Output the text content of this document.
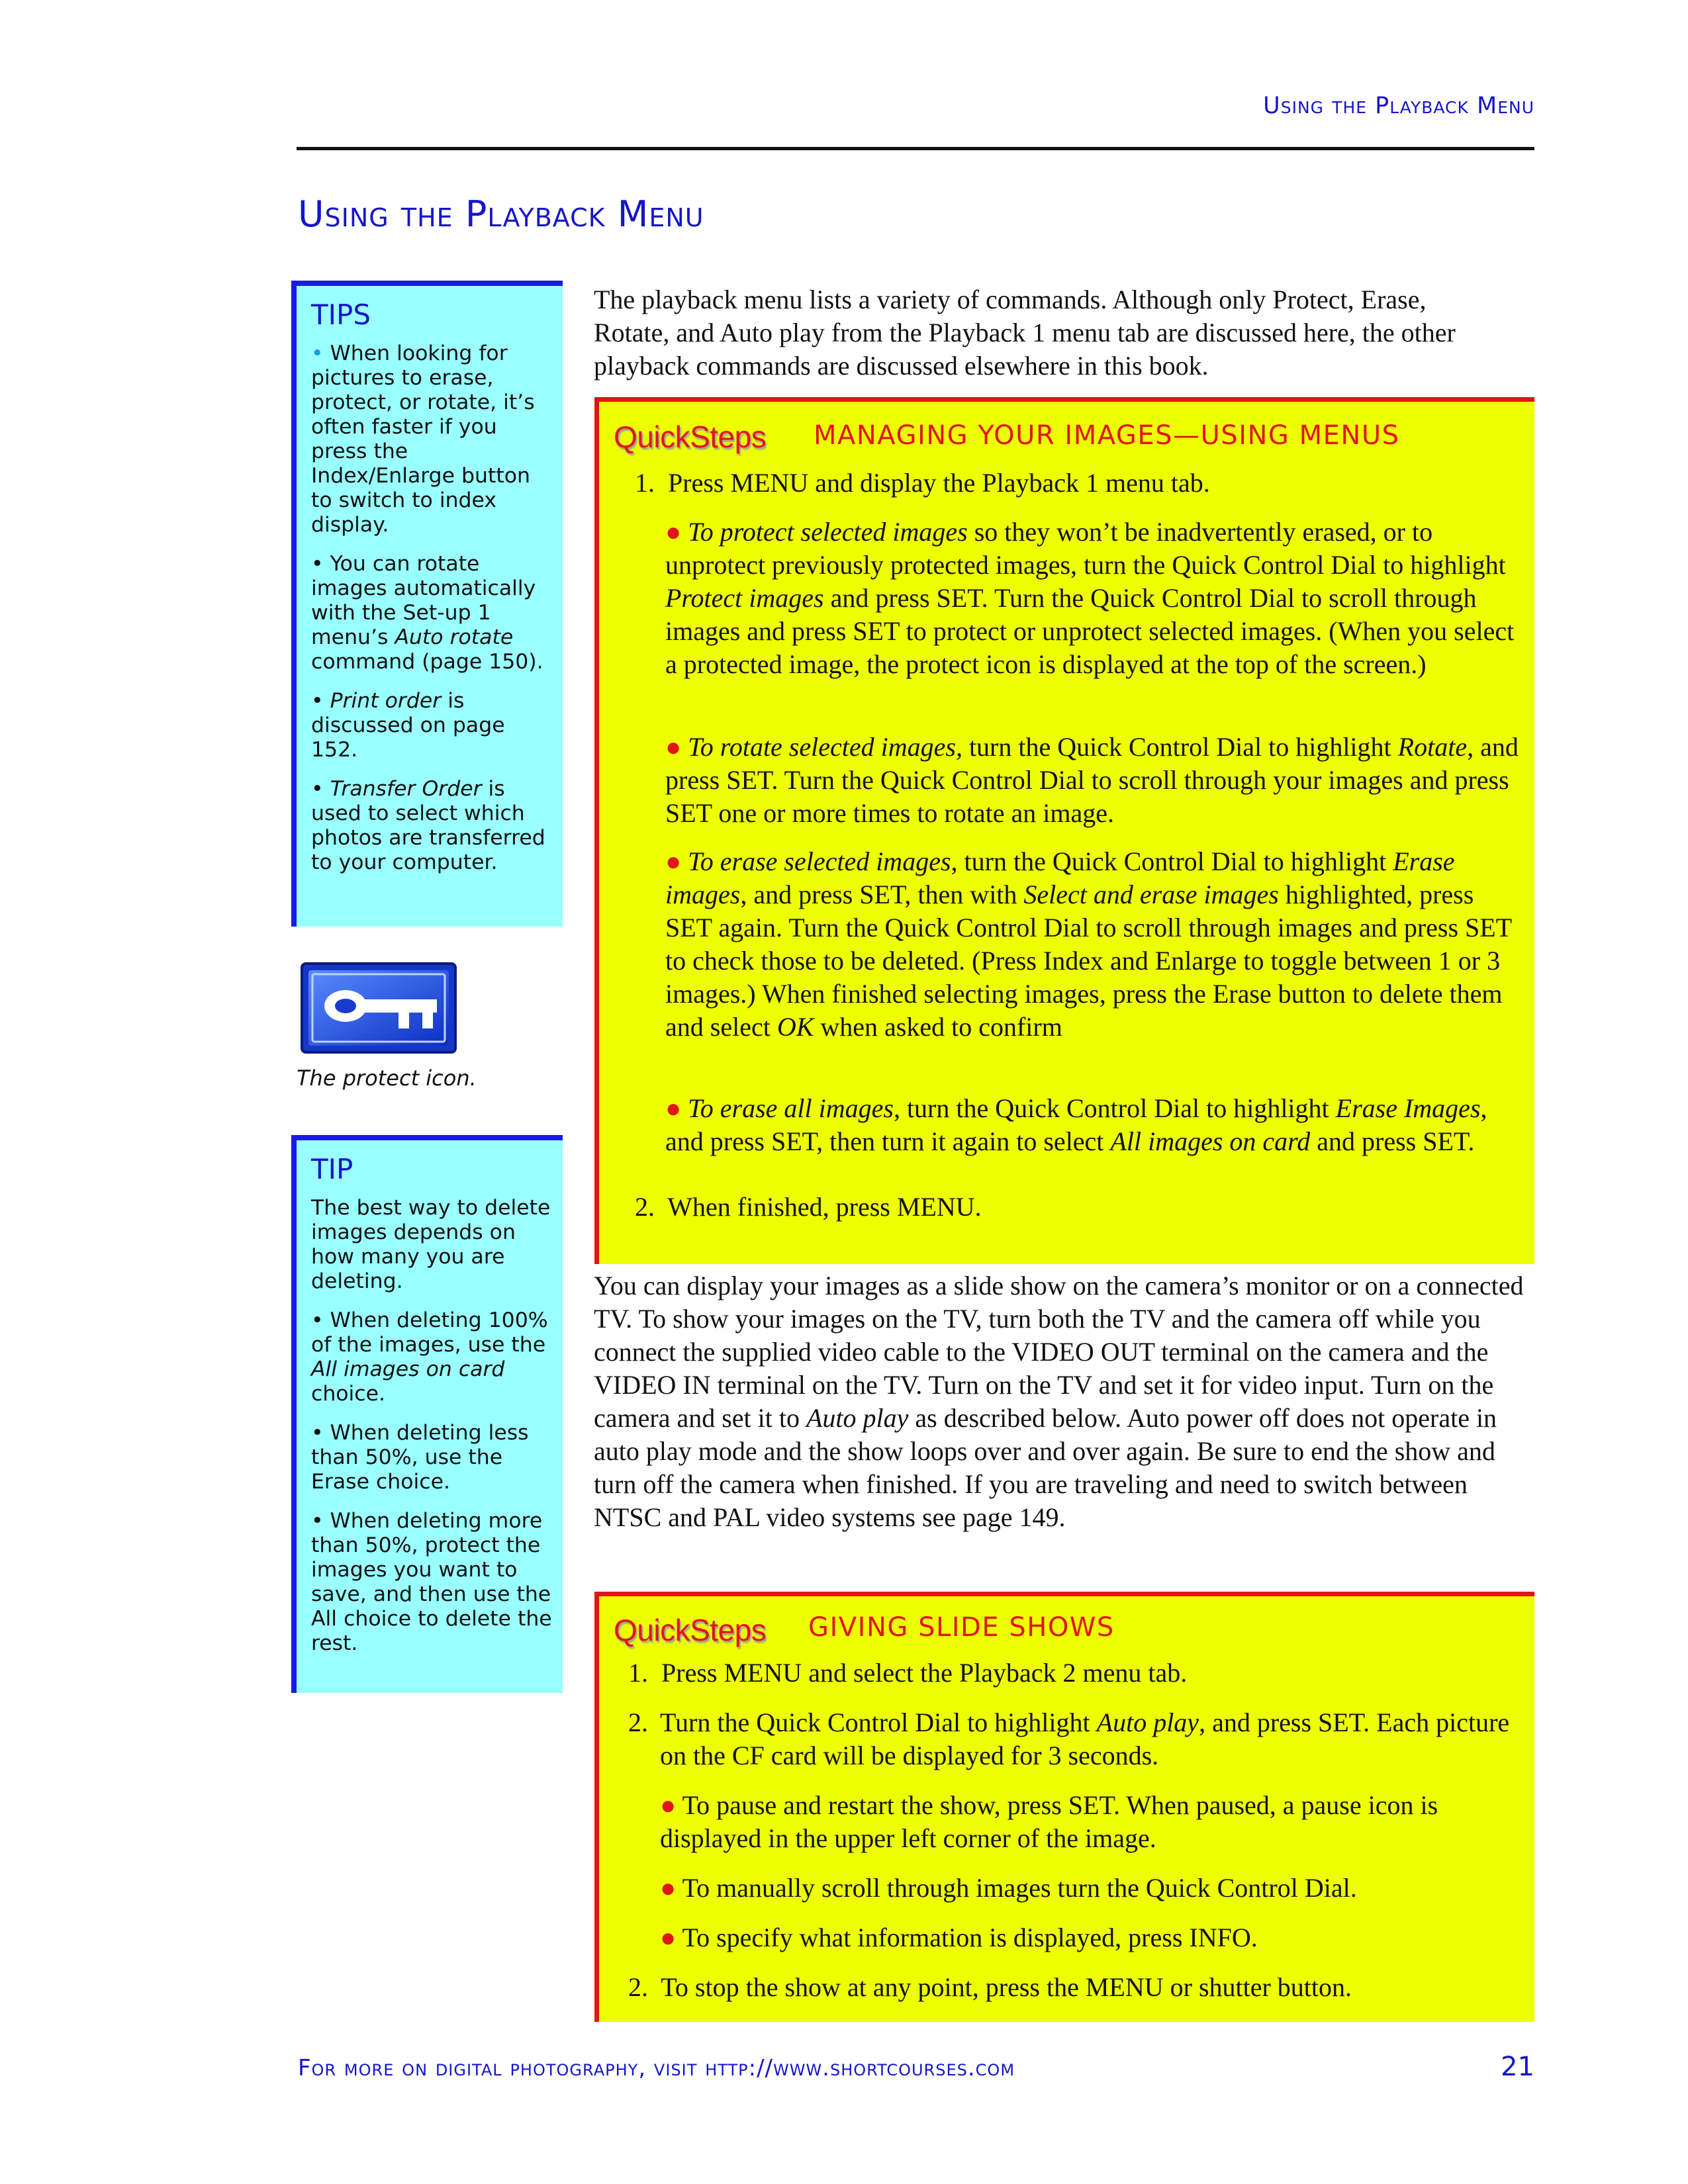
Using the Playback Menu
Using the Playback Menu
TIPS

• When looking for pictures to erase, protect, or rotate, it’s often faster if you press the Index/Enlarge button to switch to index display.

• You can rotate images automatically with the Set-up 1 menu’s Auto rotate command (page 150).

• Print order is discussed on page 152.

• Transfer Order is used to select which photos are transferred to your computer.

The protect icon.
TIP

The best way to delete images depends on how many you are deleting.

• When deleting 100% of the images, use the All images on card choice.

• When deleting less than 50%, use the Erase choice.

• When deleting more than 50%, protect the images you want to save, and then use the All choice to delete the rest.

The playback menu lists a variety of commands. Although only Protect, Erase, Rotate, and Auto play from the Playback 1 menu tab are discussed here, the other playback commands are discussed elsewhere in this book.
QuickSteps MANAGING YOUR IMAGES—USING MENUS
1. Press MENU and display the Playback 1 menu tab.

● To protect selected images so they won’t be inadvertently erased, or to unprotect previously protected images, turn the Quick Control Dial to highlight Protect images and press SET. Turn the Quick Control Dial to scroll through images and press SET to protect or unprotect selected images. (When you select a protected image, the protect icon is displayed at the top of the screen.)

● To rotate selected images, turn the Quick Control Dial to highlight Rotate, and press SET. Turn the Quick Control Dial to scroll through your images and press SET one or more times to rotate an image.

● To erase selected images, turn the Quick Control Dial to highlight Erase images, and press SET, then with Select and erase images highlighted, press SET again. Turn the Quick Control Dial to scroll through images and press SET to check those to be deleted. (Press Index and Enlarge to toggle between 1 or 3 images.) When finished selecting images, press the Erase button to delete them and select OK when asked to confirm

● To erase all images, turn the Quick Control Dial to highlight Erase Images, and press SET, then turn it again to select All images on card and press SET.

2. When finished, press MENU.
You can display your images as a slide show on the camera’s monitor or on a connected TV. To show your images on the TV, turn both the TV and the camera off while you connect the supplied video cable to the VIDEO OUT terminal on the camera and the VIDEO IN terminal on the TV. Turn on the TV and set it for video input. Turn on the camera and set it to Auto play as described below. Auto power off does not operate in auto play mode and the show loops over and over again. Be sure to end the show and turn off the camera when finished. If you are traveling and need to switch between NTSC and PAL video systems see page 149.
QuickSteps GIVING SLIDE SHOWS
1. Press MENU and select the Playback 2 menu tab.
2. Turn the Quick Control Dial to highlight Auto play, and press SET. Each picture on the CF card will be displayed for 3 seconds.

● To pause and restart the show, press SET. When paused, a pause icon is displayed in the upper left corner of the image.

● To manually scroll through images turn the Quick Control Dial.

● To specify what information is displayed, press INFO.

2. To stop the show at any point, press the MENU or shutter button.
For more on digital photography, visit http://www.shortcourses.com	21
